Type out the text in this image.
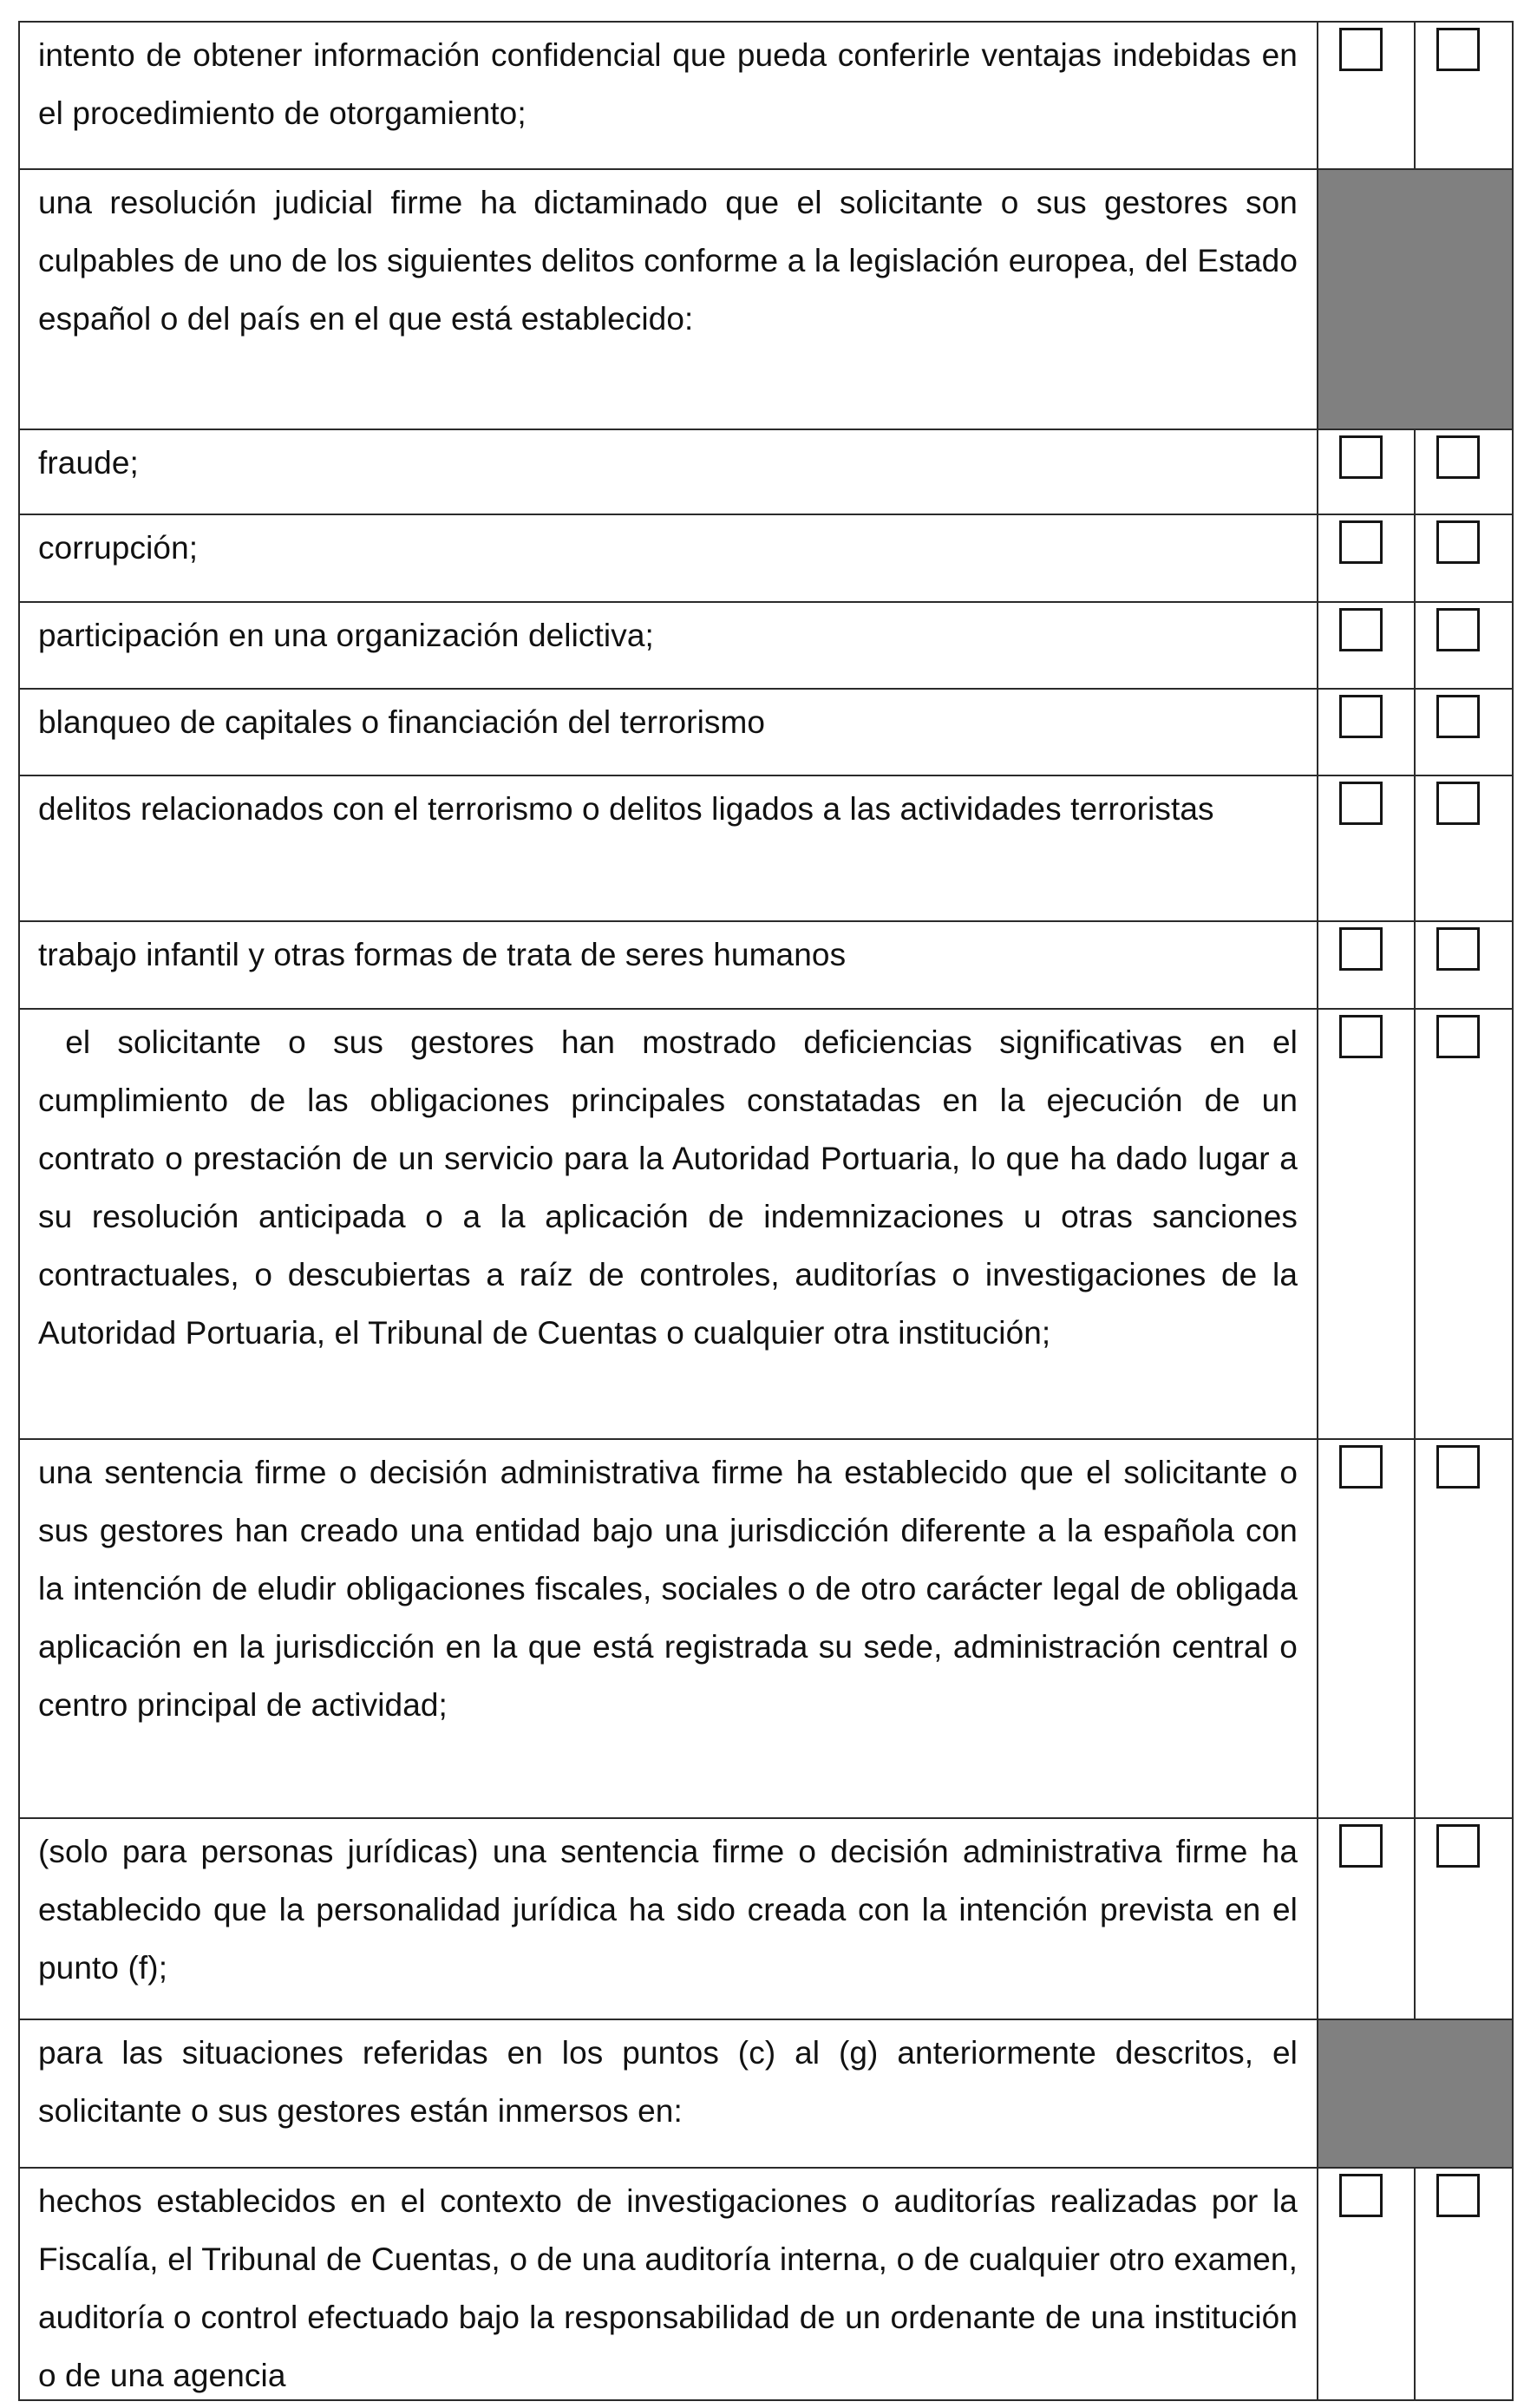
intento de obtener información confidencial que pueda conferirle ventajas indebidas en el procedimiento de otorgamiento;
una resolución judicial firme ha dictaminado que el solicitante o sus gestores son culpables de uno de los siguientes delitos conforme a la legislación europea, del Estado español o del país en el que está establecido:
fraude;
corrupción;
participación en una organización delictiva;
blanqueo de capitales o financiación del terrorismo
delitos relacionados con el terrorismo o delitos ligados a las actividades terroristas
trabajo infantil y otras formas de trata de seres humanos
el solicitante o sus gestores han mostrado deficiencias significativas en el cumplimiento de las obligaciones principales constatadas en la ejecución de un contrato o prestación de un servicio para la Autoridad Portuaria, lo que ha dado lugar a su resolución anticipada o a la aplicación de indemnizaciones u otras sanciones contractuales, o descubiertas a raíz de controles, auditorías o investigaciones de la Autoridad Portuaria, el Tribunal de Cuentas o cualquier otra institución;
una sentencia firme o decisión administrativa firme ha establecido que el solicitante o sus gestores han creado una entidad bajo una jurisdicción diferente a la española con la intención de eludir obligaciones fiscales, sociales o de otro carácter legal de obligada aplicación en la jurisdicción en la que está registrada su sede, administración central o centro principal de actividad;
(solo para personas jurídicas) una sentencia firme o decisión administrativa firme ha establecido que la personalidad jurídica ha sido creada con la intención prevista en el punto (f);
para las situaciones referidas en los puntos (c) al (g) anteriormente descritos, el solicitante o sus gestores están inmersos en:
hechos establecidos en el contexto de investigaciones o auditorías realizadas por la Fiscalía, el Tribunal de Cuentas, o de una auditoría interna, o de cualquier otro examen, auditoría o control efectuado bajo la responsabilidad de un ordenante de una institución o de una agencia
